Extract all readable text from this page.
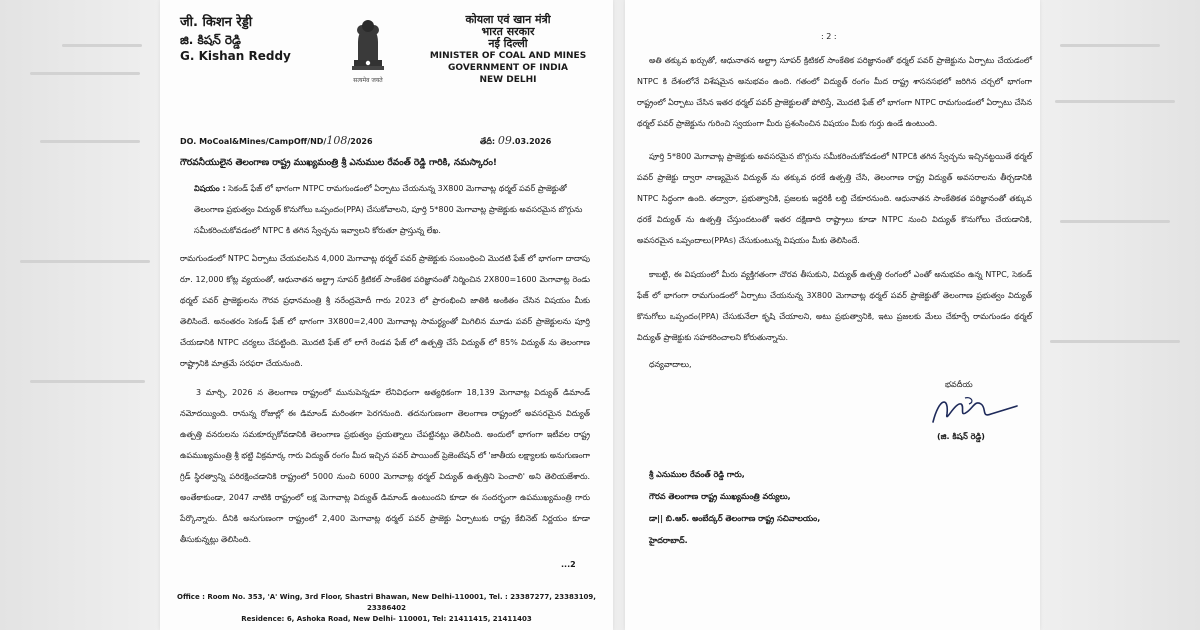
जी. किशन रेड्डी
జి. కిషన్ రెడ్డి
G. Kishan Reddy
सत्यमेव जयते
कोयला एवं खान मंत्री
भारत सरकार
नई दिल्ली
MINISTER OF COAL AND MINES
GOVERNMENT OF INDIA
NEW DELHI
DO. MoCoal&Mines/CampOff/ND/108/2026	తేదీ: 09.03.2026
గౌరవనీయులైన తెలంగాణ రాష్ట్ర ముఖ్యమంత్రి శ్రీ ఎనుముల రేవంత్ రెడ్డి గారికి, నమస్కారం!
విషయం : సెకండ్ ఫేజ్ లో భాగంగా NTPC రామగుండంలో ఏర్పాటు చేయనున్న 3X800 మెగావాట్ల థర్మల్ పవర్ ప్రాజెక్టుతో తెలంగాణ ప్రభుత్వం విద్యుత్ కొనుగోలు ఒప్పందం(PPA) చేసుకోవాలని, పూర్తి 5*800 మెగావాట్ల ప్రాజెక్టుకు అవసరమైన బొగ్గును సమీకరించుకోవడంలో NTPC కి తగిన స్వేచ్ఛను ఇవ్వాలని కోరుతూ ప్రాస్తున్న లేఖ.
రామగుండంలో NTPC ఏర్పాటు చేయవలసిన 4,000 మెగావాట్ల థర్మల్ పవర్ ప్రాజెక్టుకు సంబంధించి మొదటి ఫేజ్ లో భాగంగా దాదాపు రూ. 12,000 కోట్ల వ్యయంతో, ఆధునాతన అల్ట్రా సూపర్ క్రిటికల్ సాంకేతిక పరిజ్ఞానంతో నిర్మించిన 2X800=1600 మెగావాట్ల రెండు థర్మల్ పవర్ ప్రాజెక్టులను గౌరవ ప్రధానమంత్రి శ్రీ నరేంద్రమోదీ గారు 2023 లో ప్రారంభించి జాతికి అంకితం చేసిన విషయం మీకు తెలిసిందే. అనంతరం సెకండ్ ఫేజ్ లో భాగంగా 3X800=2,400 మెగావాట్ల సామర్థ్యంతో మిగిలిన మూడు పవర్ ప్రాజెక్టులను పూర్తి చేయడానికి NTPC చర్యలు చేపట్టింది. మొదటి ఫేజ్ లో లాగే రెండవ ఫేజ్ లో ఉత్పత్తి చేసే విద్యుత్ లో 85% విద్యుత్ ను తెలంగాణ రాష్ట్రానికి మాత్రమే సరఫరా చేయనుంది.
3 మార్చి, 2026 న తెలంగాణ రాష్ట్రంలో మునుపెన్నడూ లేనివిధంగా అత్యధికంగా 18,139 మెగావాట్ల విద్యుత్ డిమాండ్ నమోదయ్యింది. రానున్న రోజుల్లో ఈ డిమాండ్ మరింతగా పెరగనుంది. తదనుగుణంగా తెలంగాణ రాష్ట్రంలో అవసరమైన విద్యుత్ ఉత్పత్తి వనరులను సమకూర్చుకోవడానికి తెలంగాణ ప్రభుత్వం ప్రయత్నాలు చేపట్టినట్లు తెలిసింది. అందులో భాగంగా ఇటీవల రాష్ట్ర ఉపముఖ్యమంత్రి శ్రీ భట్టి విక్రమార్క గారు విద్యుత్ రంగం మీద ఇచ్చిన పవర్ పాయింట్ ప్రెజెంటేషన్ లో 'జాతీయ లక్ష్యాలకు అనుగుణంగా గ్రిడ్ స్థిరత్వాన్ని పరిరక్షించడానికి రాష్ట్రంలో 5000 నుంచి 6000 మెగావాట్ల థర్మల్ విద్యుత్ ఉత్పత్తిని పెంచాలి' అని తెలియజేశారు. అంతేకాకుండా, 2047 నాటికి రాష్ట్రంలో లక్ష మెగావాట్ల విద్యుత్ డిమాండ్ ఉంటుందని కూడా ఈ సందర్భంగా ఉపముఖ్యమంత్రి గారు పేర్కొన్నారు. దీనికి అనుగుణంగా రాష్ట్రంలో 2,400 మెగావాట్ల థర్మల్ పవర్ ప్రాజెక్టు ఏర్పాటుకు రాష్ట్ర కేబినెట్ నిర్ణయం కూడా తీసుకున్నట్లు తెలిసింది.
...2
Office : Room No. 353, 'A' Wing, 3rd Floor, Shastri Bhawan, New Delhi-110001, Tel. : 23387277, 23383109, 23386402
Residence: 6, Ashoka Road, New Delhi- 110001, Tel: 21411415, 21411403
: 2 :
అతి తక్కువ ఖర్చుతో, ఆధునాతన అల్ట్రా సూపర్ క్రిటికల్ సాంకేతిక పరిజ్ఞానంతో థర్మల్ పవర్ ప్రాజెక్టును ఏర్పాటు చేయడంలో NTPC కి దేశంలోనే విశేషమైన అనుభవం ఉంది. గతంలో విద్యుత్ రంగం మీద రాష్ట్ర శాసనసభలో జరిగిన చర్చలో భాగంగా రాష్ట్రంలో ఏర్పాటు చేసిన ఇతర థర్మల్ పవర్ ప్రాజెక్టులతో పోలిస్తే, మొదటి ఫేజ్ లో భాగంగా NTPC రామగుండంలో ఏర్పాటు చేసిన థర్మల్ పవర్ ప్రాజెక్టును గురించి స్వయంగా మీరు ప్రశంసించిన విషయం మీకు గుర్తు ఉండే ఉంటుంది.
పూర్తి 5*800 మెగావాట్ల ప్రాజెక్టుకు అవసరమైన బొగ్గును సమీకరించుకోవడంలో NTPCకి తగిన స్వేచ్ఛను ఇచ్చినట్టయితే థర్మల్ పవర్ ప్రాజెక్టు ద్వారా నాణ్యమైన విద్యుత్ ను తక్కువ ధరకే ఉత్పత్తి చేసి, తెలంగాణ రాష్ట్ర విద్యుత్ అవసరాలను తీర్చడానికి NTPC సిద్ధంగా ఉంది. తద్వారా, ప్రభుత్వానికి, ప్రజలకు ఇద్దరికీ లబ్ది చేకూరనుంది. ఆధునాతన సాంకేతికత పరిజ్ఞానంతో తక్కువ ధరకే విద్యుత్ ను ఉత్పత్తి చేస్తుందటంతో ఇతర దక్షిణాది రాష్ట్రాలు కూడా NTPC నుంచి విద్యుత్ కొనుగోలు చేయడానికి, అవసరమైన ఒప్పందాలు(PPAs) చేసుకుంటున్న విషయం మీకు తెలిసిందే.
కాబట్టి, ఈ విషయంలో మీరు వ్యక్తిగతంగా చొరవ తీసుకుని, విద్యుత్ ఉత్పత్తి రంగంలో ఎంతో అనుభవం ఉన్న NTPC, సెకండ్ ఫేజ్ లో భాగంగా రామగుండంలో ఏర్పాటు చేయనున్న 3X800 మెగావాట్ల థర్మల్ పవర్ ప్రాజెక్టుతో తెలంగాణ ప్రభుత్వం విద్యుత్ కొనుగోలు ఒప్పందం(PPA) చేసుకునేలా కృషి చేయాలని, అటు ప్రభుత్వానికి, ఇటు ప్రజలకు మేలు చేకూర్చే రామగుండం థర్మల్ విద్యుత్ ప్రాజెక్టుకు సహకరించాలని కోరుతున్నాను.
ధన్యవాదాలు,
భవదీయ
(జి. కిషన్ రెడ్డి)
శ్రీ ఎనుముల రేవంత్ రెడ్డి గారు,
గౌరవ తెలంగాణ రాష్ట్ర ముఖ్యమంత్రి వర్యులు,
డా|| బి.ఆర్. అంబేద్కర్ తెలంగాణ రాష్ట్ర సచివాలయం,
హైదరాబాద్.
